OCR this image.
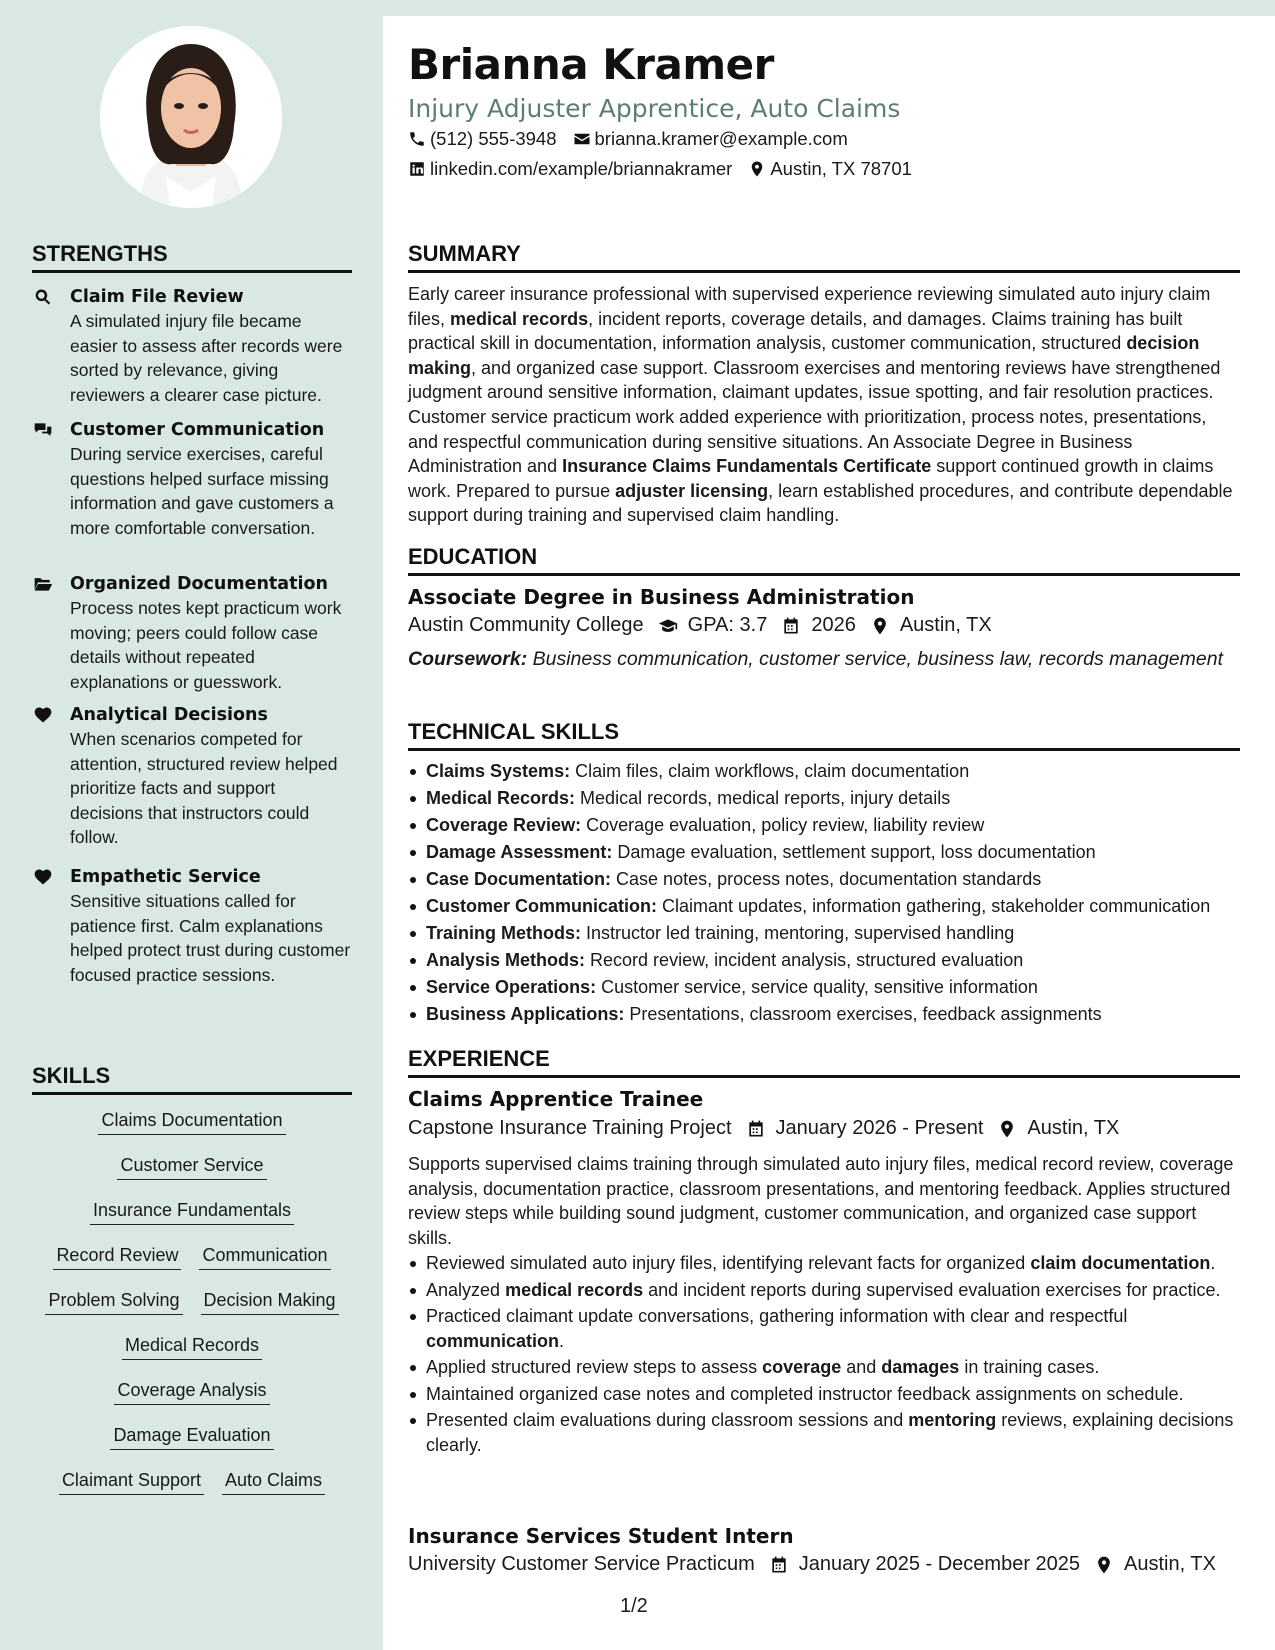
Brianna Kramer
Injury Adjuster Apprentice, Auto Claims
(512) 555-3948 brianna.kramer@example.com
linkedin.com/example/briannakramer Austin, TX 78701
STRENGTHS
Claim File Review
A simulated injury file became easier to assess after records were sorted by relevance, giving reviewers a clearer case picture.
Customer Communication
During service exercises, careful questions helped surface missing information and gave customers a more comfortable conversation.
Organized Documentation
Process notes kept practicum work moving; peers could follow case details without repeated explanations or guesswork.
Analytical Decisions
When scenarios competed for attention, structured review helped prioritize facts and support decisions that instructors could follow.
Empathetic Service
Sensitive situations called for patience first. Calm explanations helped protect trust during customer focused practice sessions.
SKILLS
Claims Documentation
Customer Service
Insurance Fundamentals
Record Review Communication
Problem Solving Decision Making
Medical Records
Coverage Analysis
Damage Evaluation
Claimant Support Auto Claims
SUMMARY
Early career insurance professional with supervised experience reviewing simulated auto injury claim files, medical records, incident reports, coverage details, and damages. Claims training has built practical skill in documentation, information analysis, customer communication, structured decision making, and organized case support. Classroom exercises and mentoring reviews have strengthened judgment around sensitive information, claimant updates, issue spotting, and fair resolution practices. Customer service practicum work added experience with prioritization, process notes, presentations, and respectful communication during sensitive situations. An Associate Degree in Business Administration and Insurance Claims Fundamentals Certificate support continued growth in claims work. Prepared to pursue adjuster licensing, learn established procedures, and contribute dependable support during training and supervised claim handling.
EDUCATION
Associate Degree in Business Administration
Austin Community College GPA: 3.7 2026 Austin, TX
Coursework: Business communication, customer service, business law, records management
TECHNICAL SKILLS
Claims Systems: Claim files, claim workflows, claim documentation
Medical Records: Medical records, medical reports, injury details
Coverage Review: Coverage evaluation, policy review, liability review
Damage Assessment: Damage evaluation, settlement support, loss documentation
Case Documentation: Case notes, process notes, documentation standards
Customer Communication: Claimant updates, information gathering, stakeholder communication
Training Methods: Instructor led training, mentoring, supervised handling
Analysis Methods: Record review, incident analysis, structured evaluation
Service Operations: Customer service, service quality, sensitive information
Business Applications: Presentations, classroom exercises, feedback assignments
EXPERIENCE
Claims Apprentice Trainee
Capstone Insurance Training Project January 2026 - Present Austin, TX
Supports supervised claims training through simulated auto injury files, medical record review, coverage analysis, documentation practice, classroom presentations, and mentoring feedback. Applies structured review steps while building sound judgment, customer communication, and organized case support skills.
Reviewed simulated auto injury files, identifying relevant facts for organized claim documentation.
Analyzed medical records and incident reports during supervised evaluation exercises for practice.
Practiced claimant update conversations, gathering information with clear and respectful communication.
Applied structured review steps to assess coverage and damages in training cases.
Maintained organized case notes and completed instructor feedback assignments on schedule.
Presented claim evaluations during classroom sessions and mentoring reviews, explaining decisions clearly.
Insurance Services Student Intern
University Customer Service Practicum January 2025 - December 2025 Austin, TX
1/2
